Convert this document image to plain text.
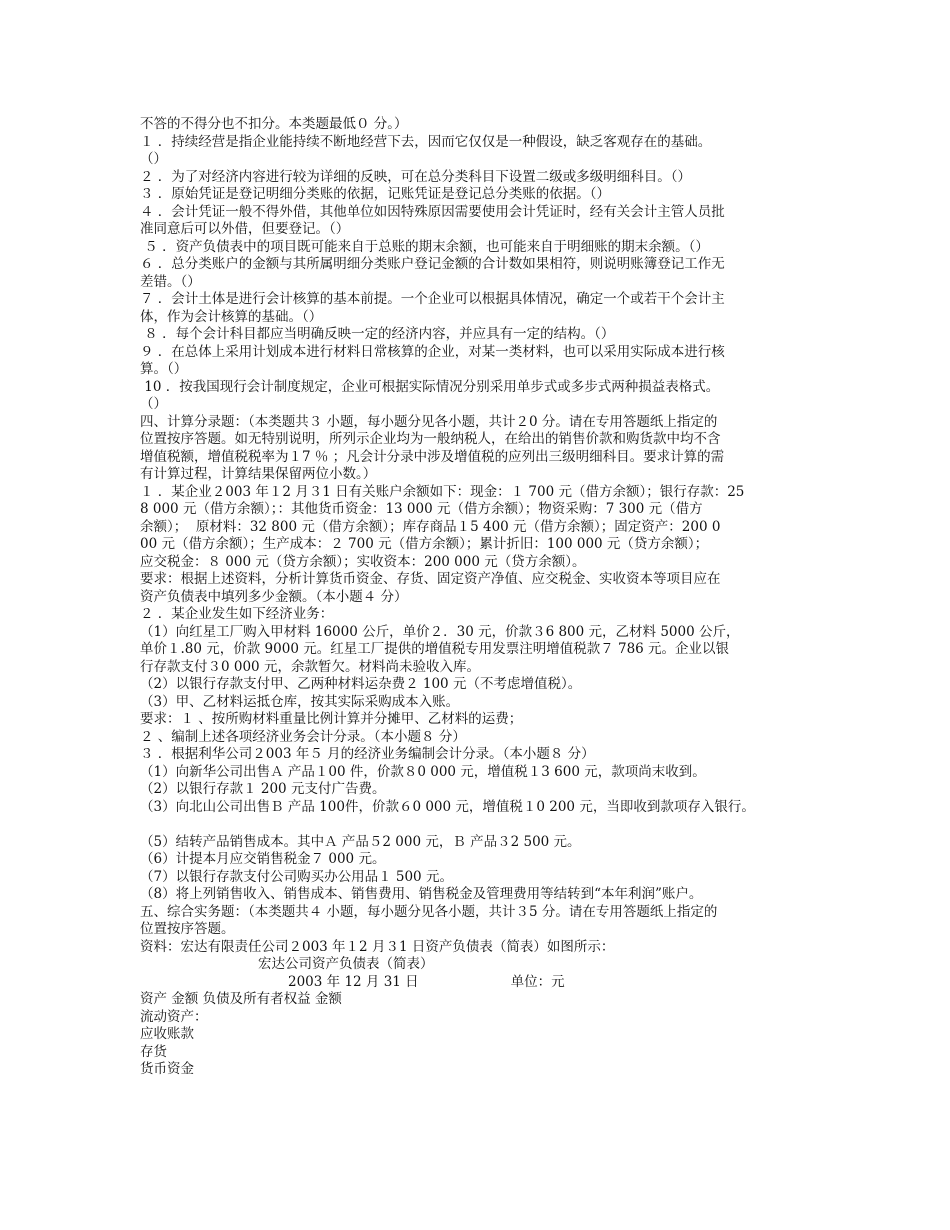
不答的不得分也不扣分。本类题最低０ 分。）
１ ．持续经营是指企业能持续不断地经营下去，因而它仅仅是一种假设，缺乏客观存在的基础。
（）
２ ．为了对经济内容进行较为详细的反映，可在总分类科目下设置二级或多级明细科目。（）
３ ．原始凭证是登记明细分类账的依据，记账凭证是登记总分类账的依据。（）
４ ．会计凭证一般不得外借，其他单位如因特殊原因需要使用会计凭证时，经有关会计主管人员批
准同意后可以外借，但要登记。（）
５ ．资产负债表中的项目既可能来自于总账的期末余额，也可能来自于明细账的期末余额。（）
６ ．总分类账户的金额与其所属明细分类账户登记金额的合计数如果相符，则说明账簿登记工作无
差错。（）
７ ．会计土体是进行会计核算的基本前提。一个企业可以根据具体情况，确定一个或若干个会计主
体，作为会计核算的基础。（）
８ ．每个会计科目都应当明确反映一定的经济内容，并应具有一定的结构。（）
９ ．在总体上采用计划成本进行材料日常核算的企业，对某一类材料，也可以采用实际成本进行核
算。（）
10 ．按我国现行会计制度规定，企业可根据实际情况分别采用单步式或多步式两种损益表格式。
（）
四、计算分录题：（本类题共３ 小题，每小题分见各小题，共计２0 分。请在专用答题纸上指定的
位置按序答题。如无特别说明，所列示企业均为一般纳税人，在给出的销售价款和购货款中均不含
增值税额，增值税税率为１7 ％ ；凡会计分录中涉及增值税的应列出三级明细科目。要求计算的需
有计算过程，计算结果保留两位小数。）
１ ．某企业２003 年１2 月３1 日有关账户余额如下：现金：１ 700 元（借方余额）；银行存款：25
8 000 元（借方余额）；：其他货币资金：13 000 元（借方余额）；物资采购：7 300 元（借方
余额）；  原材料：32 800 元（借方余额）；库存商品１5 400 元（借方余额）；固定资产：200 0
00 元（借方余额）；生产成本：２ 700 元（借方余额）；累计折旧：100 000 元（贷方余额）；
应交税金：８ 000 元（贷方余额）；实收资本：200 000 元（贷方余额）。
要求：根据上述资料，分析计算货币资金、存货、固定资产净值、应交税金、实收资本等项目应在
资产负债表中填列多少金额。（本小题４ 分）
２ ．某企业发生如下经济业务：
（1）向红星工厂购入甲材料 16000 公斤，单价２．30 元，价款３6 800 元，乙材料 5000 公斤，
单价１.80 元，价款 9000 元。红星工厂提供的增值税专用发票注明增值税款７ 786 元。企业以银
行存款支付３0 000 元，余款暂欠。材料尚未验收入库。
（2）以银行存款支付甲、乙两种材料运杂费２ 100 元（不考虑增值税）。
（3）甲、乙材料运抵仓库，按其实际采购成本入账。
要求：１ 、按所购材料重量比例计算并分摊甲、乙材料的运费；
２ 、编制上述各项经济业务会计分录。（本小题８ 分）
３ ．根据利华公司２003 年５ 月的经济业务编制会计分录。（本小题８ 分）
（1）向新华公司出售Ａ 产品１00 件，价款８0 000 元，增值税１3 600 元，款项尚末收到。
（2）以银行存款１ 200 元支付广告费。
（3）向北山公司出售Ｂ 产品 100件，价款６0 000 元，增值税１0 200 元，当即收到款项存入银行。
（5）结转产品销售成本。其中Ａ 产品５2 000 元，Ｂ 产品３2 500 元。
（6）计提本月应交销售税金７ 000 元。
（7）以银行存款支付公司购买办公用品１ 500 元。
（8）将上列销售收入、销售成本、销售费用、销售税金及管理费用等结转到“本年利润”账户。
五、综合实务题：（本类题共４ 小题，每小题分见各小题，共计３5 分。请在专用答题纸上指定的
位置按序答题。
资料：宏达有限责任公司２003 年１2 月３1 日资产负债表（简表）如图所示：
宏达公司资产负债表（简表）
2003 年 12 月 31 日	单位：元
资产 金额 负债及所有者权益 金额
流动资产：
应收账款
存货
货币资金
